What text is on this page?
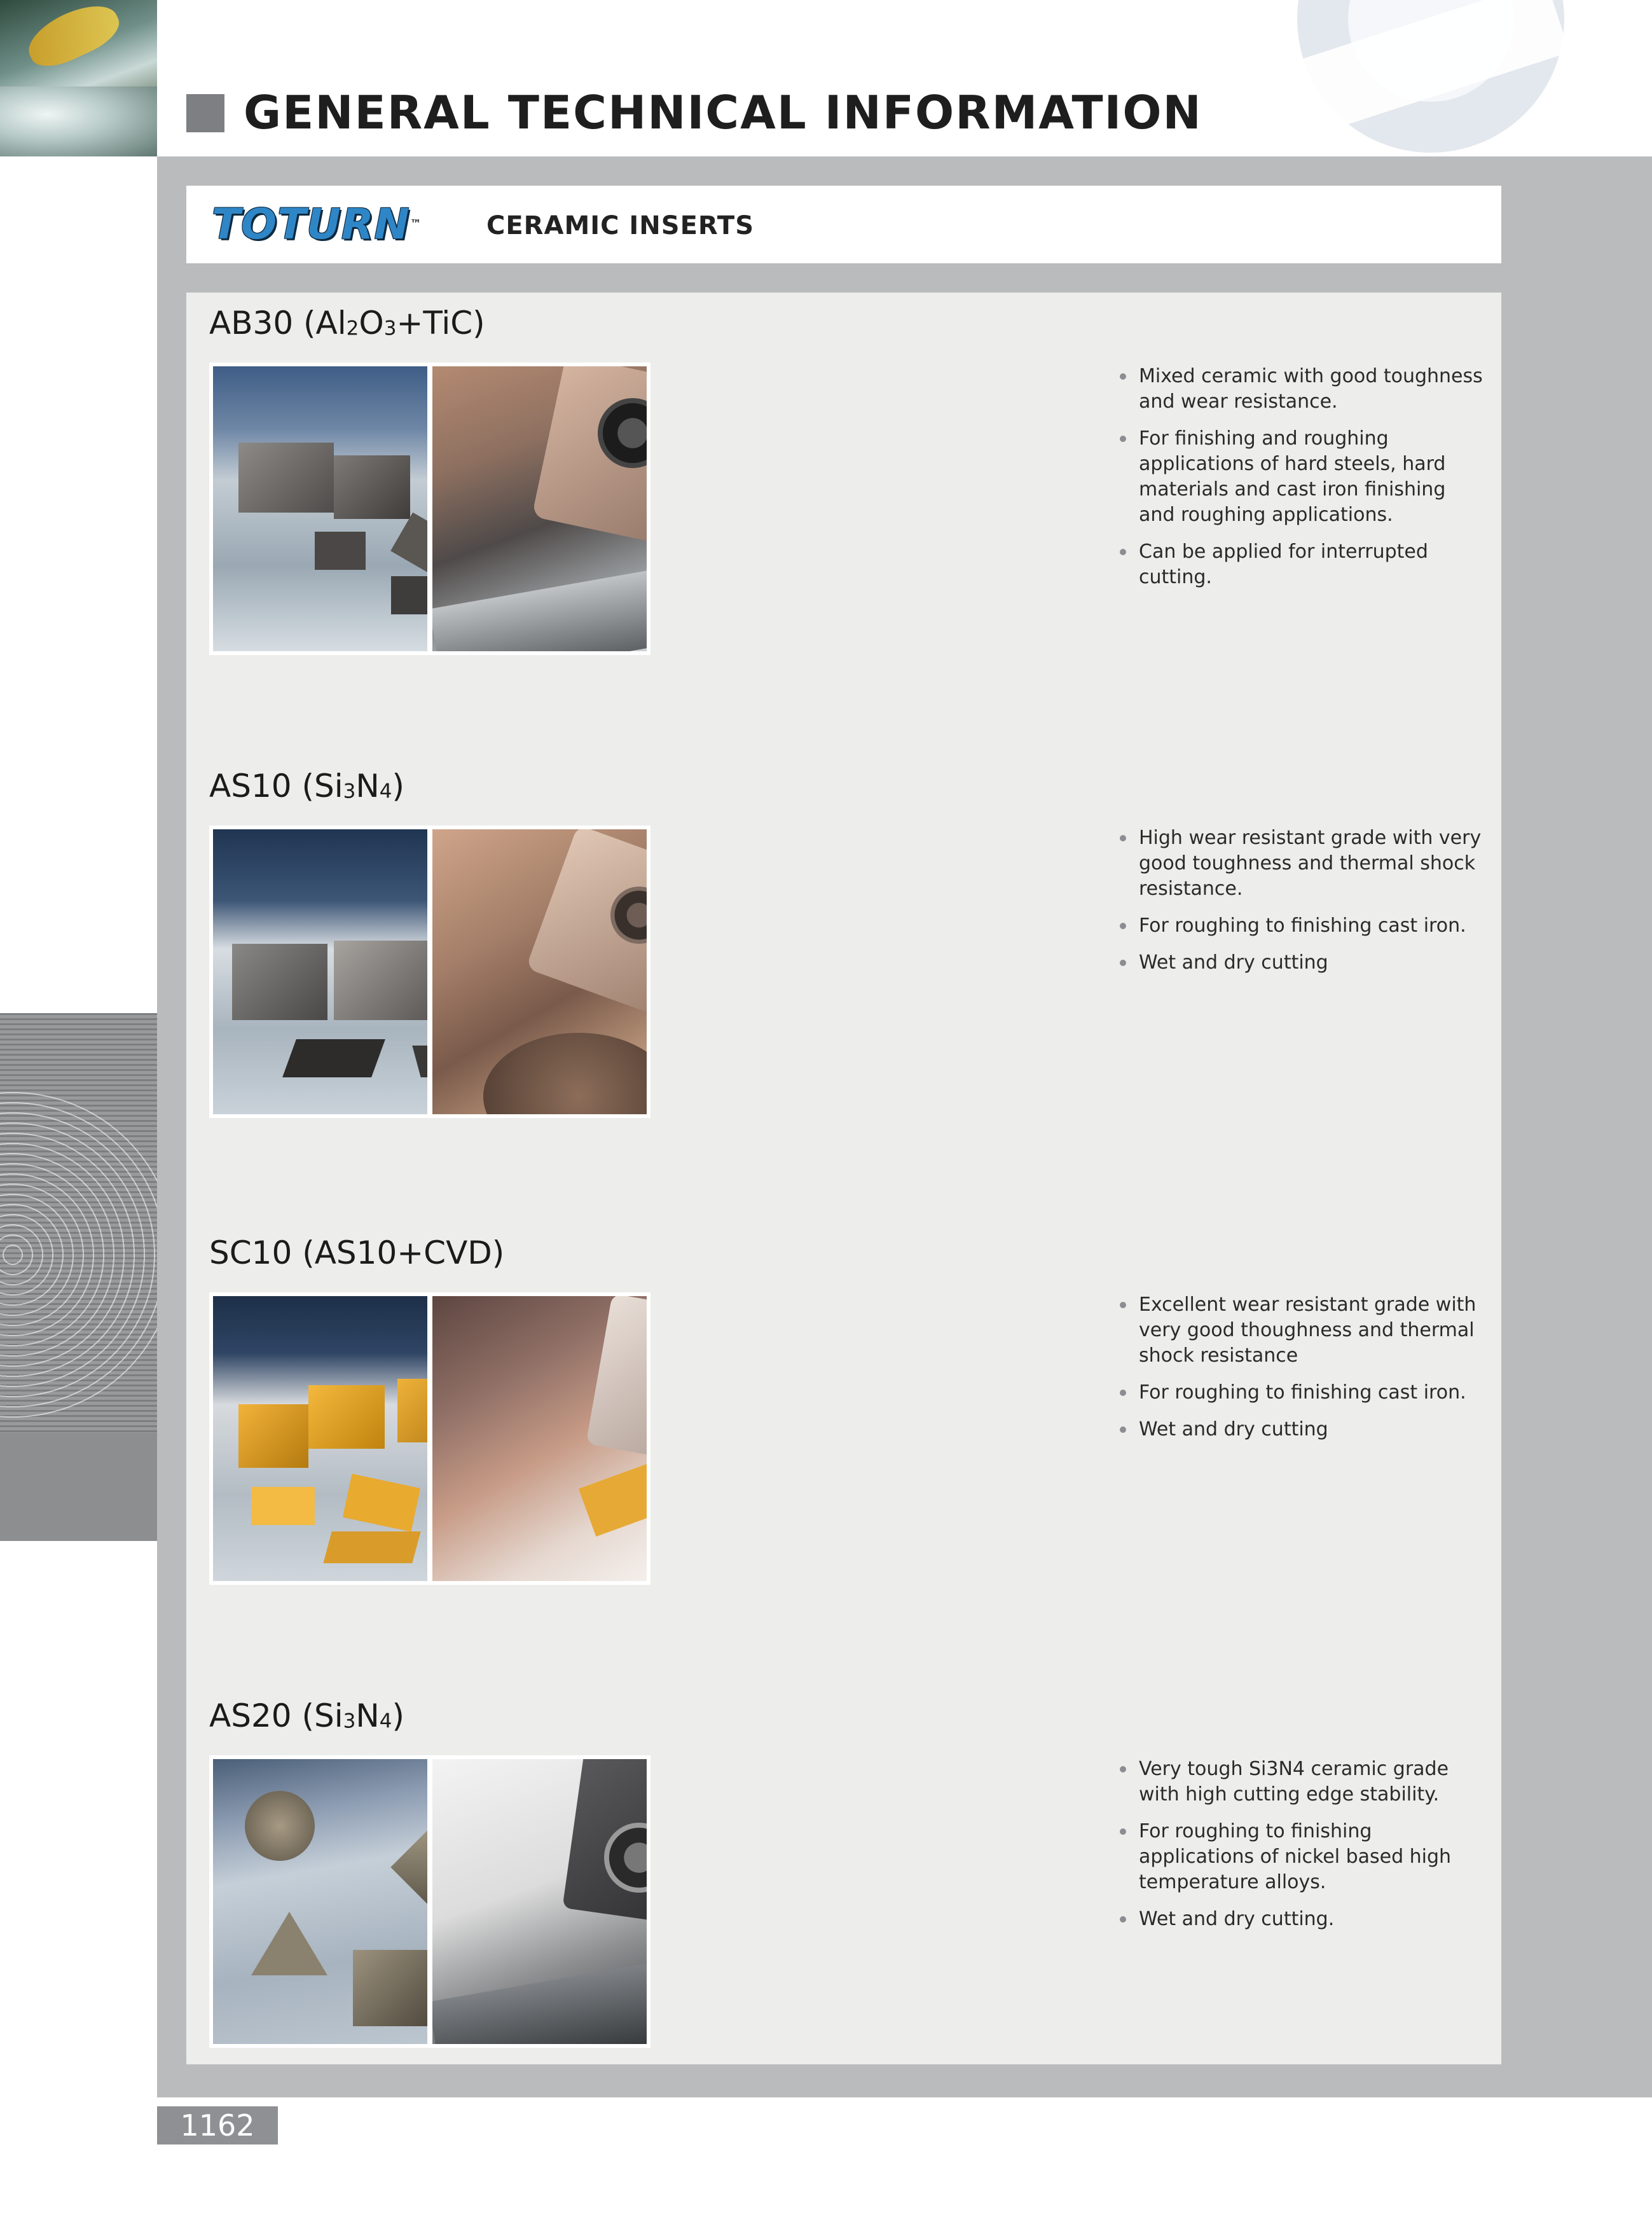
GENERAL TECHNICAL INFORMATION
TOTURN™	CERAMIC INSERTS
AB30 $(Al_2O_3+TiC)$
Mixed ceramic with good toughness and wear resistance.
For finishing and roughing applications of hard steels, hard materials and cast iron finishing and roughing applications.
Can be applied for interrupted cutting.
AS10 $(Si_3N_4)$
High wear resistant grade with very good toughness and thermal shock resistance.
For roughing to finishing cast iron.
Wet and dry cutting
SC10 (AS10+CVD)
Excellent wear resistant grade with very good thoughness and thermal shock resistance
For roughing to finishing cast iron.
Wet and dry cutting
AS20 $(Si_3N_4)$
Very tough Si3N4 ceramic grade with high cutting edge stability.
For roughing to finishing applications of nickel based high temperature alloys.
Wet and dry cutting.
1162
